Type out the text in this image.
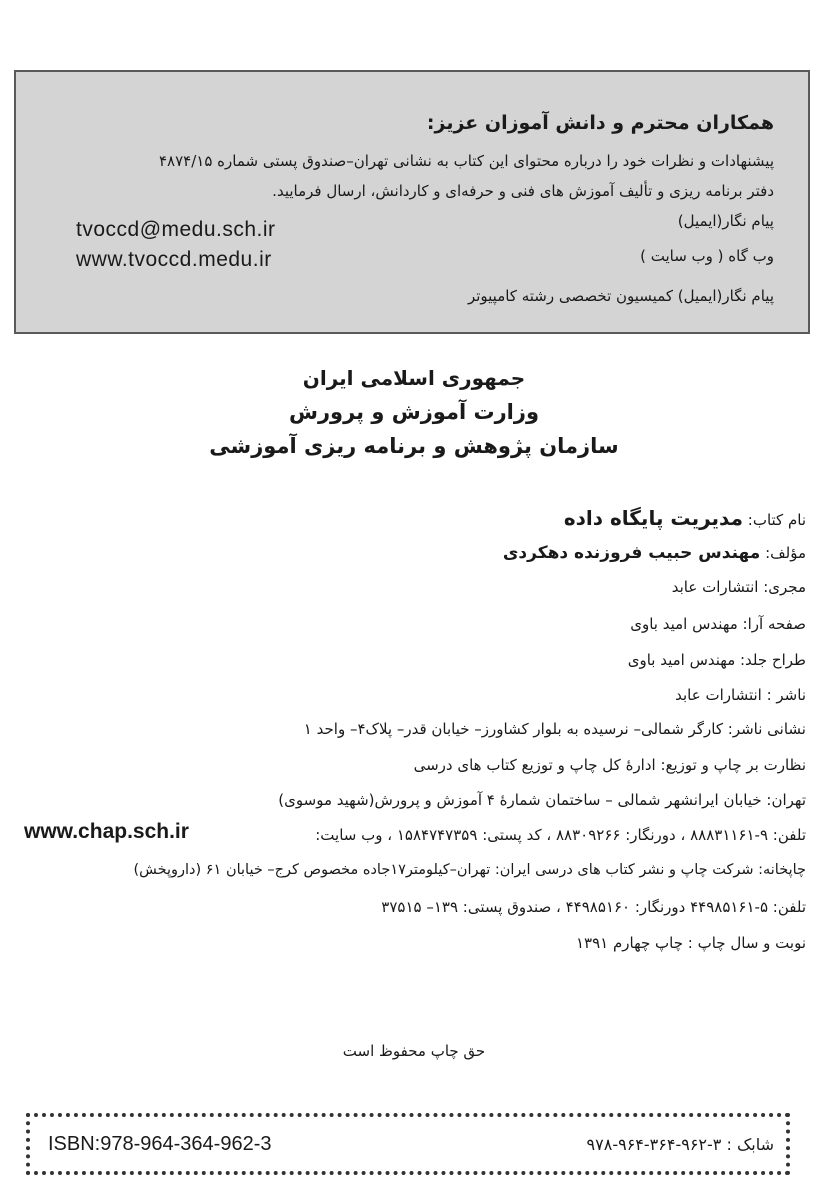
همکاران محترم و دانش آموزان عزیز:
پیشنهادات و نظرات خود را درباره محتوای این کتاب به نشانی تهران–صندوق پستی شماره ۴۸۷۴/۱۵
دفتر برنامه ریزی و تألیف آموزش های فنی و حرفه‌ای و کاردانش، ارسال فرمایید.
پیام نگار(ایمیل)
وب گاه ( وب سایت )
پیام نگار(ایمیل) کمیسیون تخصصی رشته کامپیوتر
tvoccd@medu.sch.ir
www.tvoccd.medu.ir
جمهوری اسلامی ایران
وزارت آموزش و پرورش
سازمان پژوهش و برنامه ریزی آموزشی
نام کتاب: مدیریت پایگاه داده
مؤلف: مهندس حبیب فروزنده دهکردی
مجری: انتشارات عابد
صفحه آرا: مهندس امید باوی
طراح جلد: مهندس امید باوی
ناشر : انتشارات عابد
نشانی ناشر: کارگر شمالی– نرسیده به بلوار کشاورز– خیابان قدر– پلاک۴– واحد ۱
نظارت بر چاپ و توزیع: ادارۀ کل چاپ و توزیع کتاب های درسی
تهران: خیابان ایرانشهر شمالی – ساختمان شمارۀ ۴ آموزش و پرورش(شهید موسوی)
تلفن: ۹-۸۸۸۳۱۱۶۱ ، دورنگار: ۸۸۳۰۹۲۶۶ ، کد پستی: ۱۵۸۴۷۴۷۳۵۹ ، وب سایت:
www.chap.sch.ir
چاپخانه: شرکت چاپ و نشر کتاب های درسی ایران: تهران–کیلومتر۱۷جاده مخصوص کرج– خیابان ۶۱ (داروپخش)
تلفن: ۵-۴۴۹۸۵۱۶۱ دورنگار: ۴۴۹۸۵۱۶۰ ، صندوق پستی: ۱۳۹– ۳۷۵۱۵
نوبت و سال چاپ : چاپ چهارم ۱۳۹۱
حق چاپ محفوظ است
ISBN:978-964-364-962-3	شابک : ۳-۹۶۲-۳۶۴-۹۶۴-۹۷۸
